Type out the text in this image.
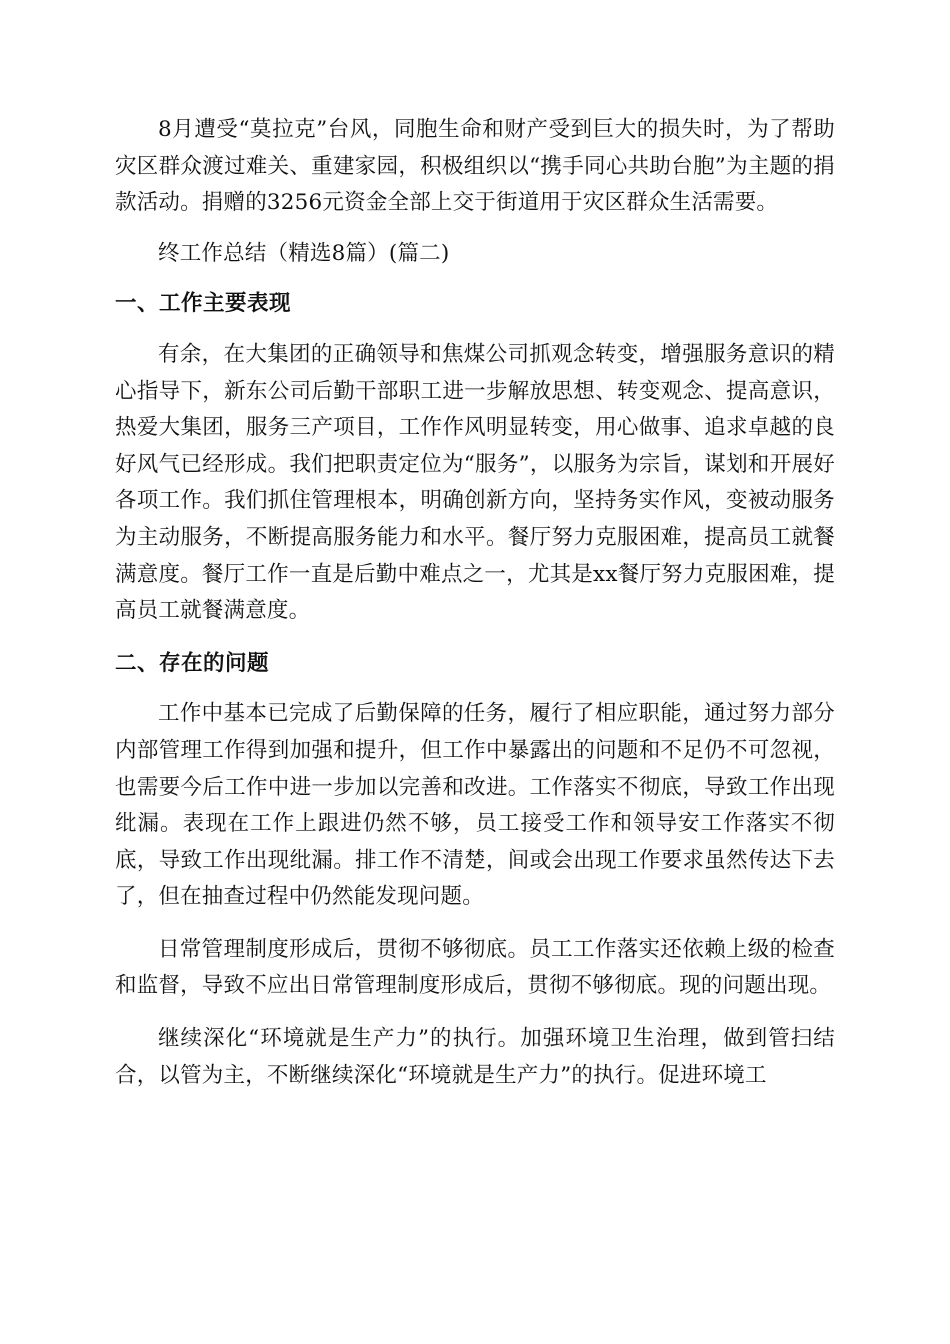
8月遭受“莫拉克”台风，同胞生命和财产受到巨大的损失时，为了帮助灾区群众渡过难关、重建家园，积极组织以“携手同心共助台胞”为主题的捐款活动。捐赠的3256元资金全部上交于街道用于灾区群众生活需要。

终工作总结（精选8篇）(篇二)

一、工作主要表现

有余，在大集团的正确领导和焦煤公司抓观念转变，增强服务意识的精心指导下，新东公司后勤干部职工进一步解放思想、转变观念、提高意识，热爱大集团，服务三产项目，工作作风明显转变，用心做事、追求卓越的良好风气已经形成。我们把职责定位为“服务”，以服务为宗旨，谋划和开展好各项工作。我们抓住管理根本，明确创新方向，坚持务实作风，变被动服务为主动服务，不断提高服务能力和水平。餐厅努力克服困难，提高员工就餐满意度。餐厅工作一直是后勤中难点之一，尤其是xx餐厅努力克服困难，提高员工就餐满意度。

二、存在的问题

工作中基本已完成了后勤保障的任务，履行了相应职能，通过努力部分内部管理工作得到加强和提升，但工作中暴露出的问题和不足仍不可忽视，也需要今后工作中进一步加以完善和改进。工作落实不彻底，导致工作出现纰漏。表现在工作上跟进仍然不够，员工接受工作和领导安工作落实不彻底，导致工作出现纰漏。排工作不清楚，间或会出现工作要求虽然传达下去了，但在抽查过程中仍然能发现问题。

日常管理制度形成后，贯彻不够彻底。员工工作落实还依赖上级的检查和监督，导致不应出日常管理制度形成后，贯彻不够彻底。现的问题出现。

继续深化“环境就是生产力”的执行。加强环境卫生治理，做到管扫结合，以管为主，不断继续深化“环境就是生产力”的执行。促进环境工
